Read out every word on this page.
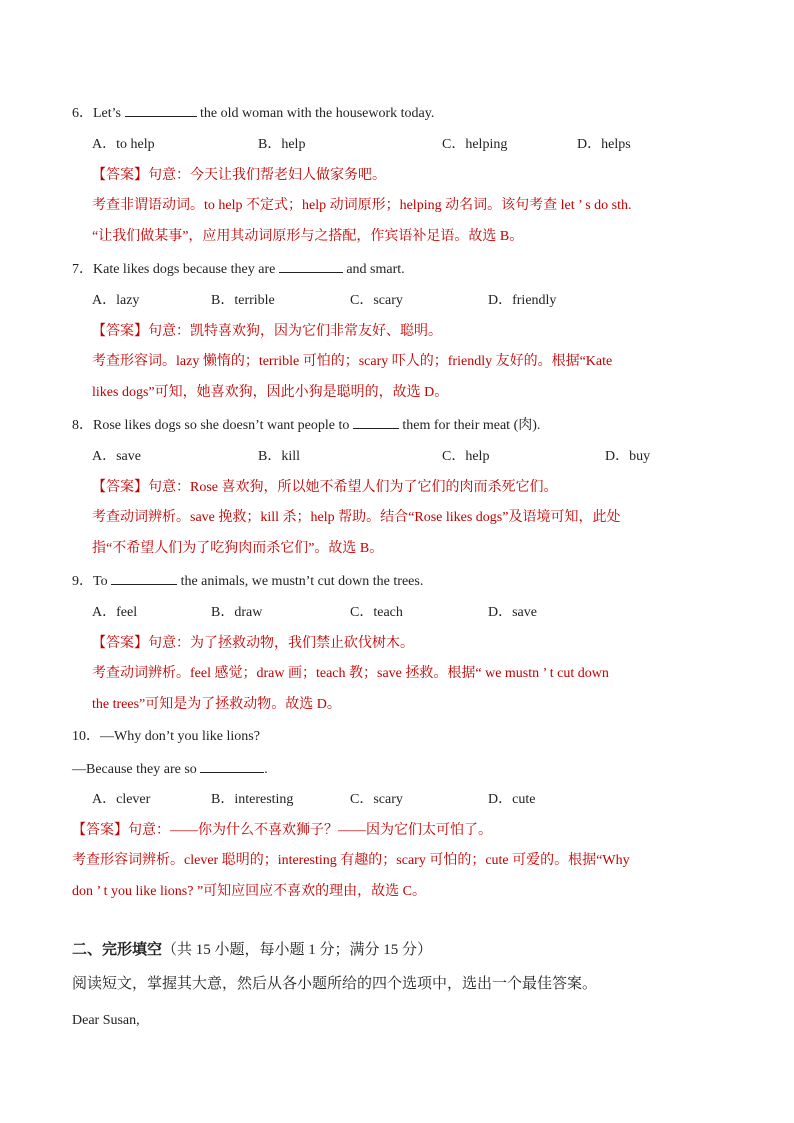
6．Let’s	the old woman with the housework today.
A．to help	B．help	C．helping	D．helps
【答案】句意：今天让我们帮老妇人做家务吧。
考查非谓语动词。to help 不定式；help 动词原形；helping 动名词。该句考查 let ’ s do sth.
“让我们做某事”，应用其动词原形与之搭配，作宾语补足语。故选 B。
7．Kate likes dogs because they are	and smart.
A．lazy	B．terrible	C．scary	D．friendly
【答案】句意：凯特喜欢狗，因为它们非常友好、聪明。
考查形容词。lazy 懒惰的；terrible 可怕的；scary 吓人的；friendly 友好的。根据“Kate
likes dogs”可知，她喜欢狗，因此小狗是聪明的，故选 D。
8．Rose likes dogs so she doesn’t want people to	them for their meat (肉).
A．save	B．kill	C．help	D．buy
【答案】句意：Rose 喜欢狗，所以她不希望人们为了它们的肉而杀死它们。
考查动词辨析。save 挽救；kill 杀；help 帮助。结合“Rose likes dogs”及语境可知，此处
指“不希望人们为了吃狗肉而杀它们”。故选 B。
9．To	the animals, we mustn’t cut down the trees.
A．feel	B．draw	C．teach	D．save
【答案】句意：为了拯救动物，我们禁止砍伐树木。
考查动词辨析。feel 感觉；draw 画；teach 教；save 拯救。根据“ we mustn ’ t cut down
the trees”可知是为了拯救动物。故选 D。
10．—Why don’t you like lions?
—Because they are so	.
A．clever	B．interesting	C．scary	D．cute
【答案】句意：——你为什么不喜欢狮子？——因为它们太可怕了。
考查形容词辨析。clever 聪明的；interesting 有趣的；scary 可怕的；cute 可爱的。根据“Why
don ’ t you like lions? ”可知应回应不喜欢的理由，故选 C。
二、完形填空（共 15 小题，每小题 1 分；满分 15 分）
阅读短文，掌握其大意，然后从各小题所给的四个选项中，选出一个最佳答案。
Dear Susan,
